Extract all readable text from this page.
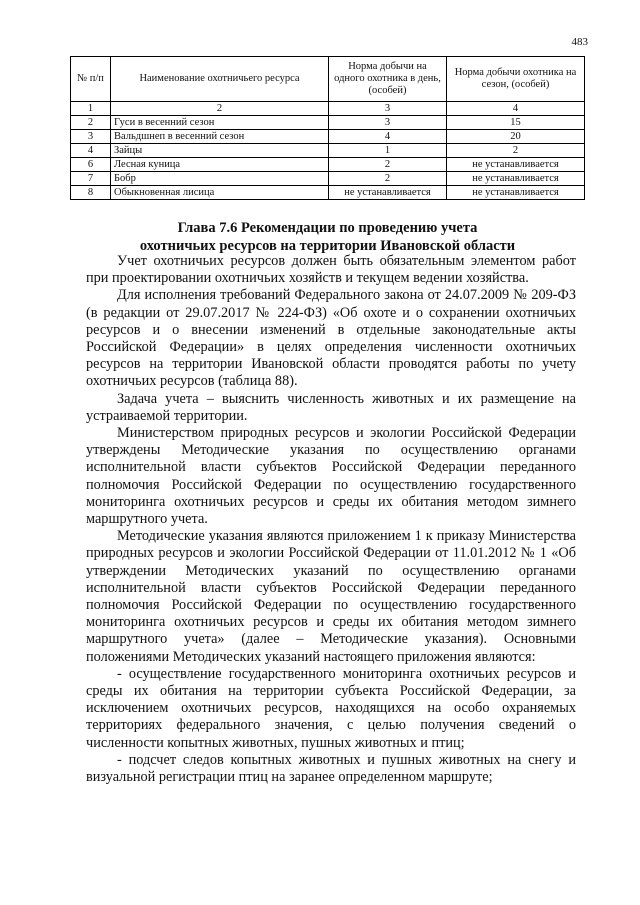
483
№ п/п	Наименование охотничьего ресурса	Норма добычи на одного охотника в день, (особей)	Норма добычи охотника на сезон, (особей)
1	2	3	4
2	Гуси в весенний сезон	3	15
3	Вальдшнеп в весенний сезон	4	20
4	Зайцы	1	2
6	Лесная куница	2	не устанавливается
7	Бобр	2	не устанавливается
8	Обыкновенная лисица	не устанавливается	не устанавливается
Глава 7.6 Рекомендации по проведению учета
охотничьих ресурсов на территории Ивановской области

Учет охотничьих ресурсов должен быть обязательным элементом работ при проектировании охотничьих хозяйств и текущем ведении хозяйства.

Для исполнения требований Федерального закона от 24.07.2009 № 209-ФЗ (в редакции от 29.07.2017 № 224-ФЗ) «Об охоте и о сохранении охотничьих ресурсов и о внесении изменений в отдельные законодательные акты Российской Федерации» в целях определения численности охотничьих ресурсов на территории Ивановской области проводятся работы по учету охотничьих ресурсов (таблица 88).

Задача учета – выяснить численность животных и их размещение на устраиваемой территории.

Министерством природных ресурсов и экологии Российской Федерации утверждены Методические указания по осуществлению органами исполнительной власти субъектов Российской Федерации переданного полномочия Российской Федерации по осуществлению государственного мониторинга охотничьих ресурсов и среды их обитания методом зимнего маршрутного учета.

Методические указания являются приложением 1 к приказу Министерства природных ресурсов и экологии Российской Федерации от 11.01.2012 № 1 «Об утверждении Методических указаний по осуществлению органами исполнительной власти субъектов Российской Федерации переданного полномочия Российской Федерации по осуществлению государственного мониторинга охотничьих ресурсов и среды их обитания методом зимнего маршрутного учета» (далее – Методические указания). Основными положениями Методических указаний настоящего приложения являются:

- осуществление государственного мониторинга охотничьих ресурсов и среды их обитания на территории субъекта Российской Федерации, за исключением охотничьих ресурсов, находящихся на особо охраняемых территориях федерального значения, с целью получения сведений о численности копытных животных, пушных животных и птиц;

- подсчет следов копытных животных и пушных животных на снегу и визуальной регистрации птиц на заранее определенном маршруте;
